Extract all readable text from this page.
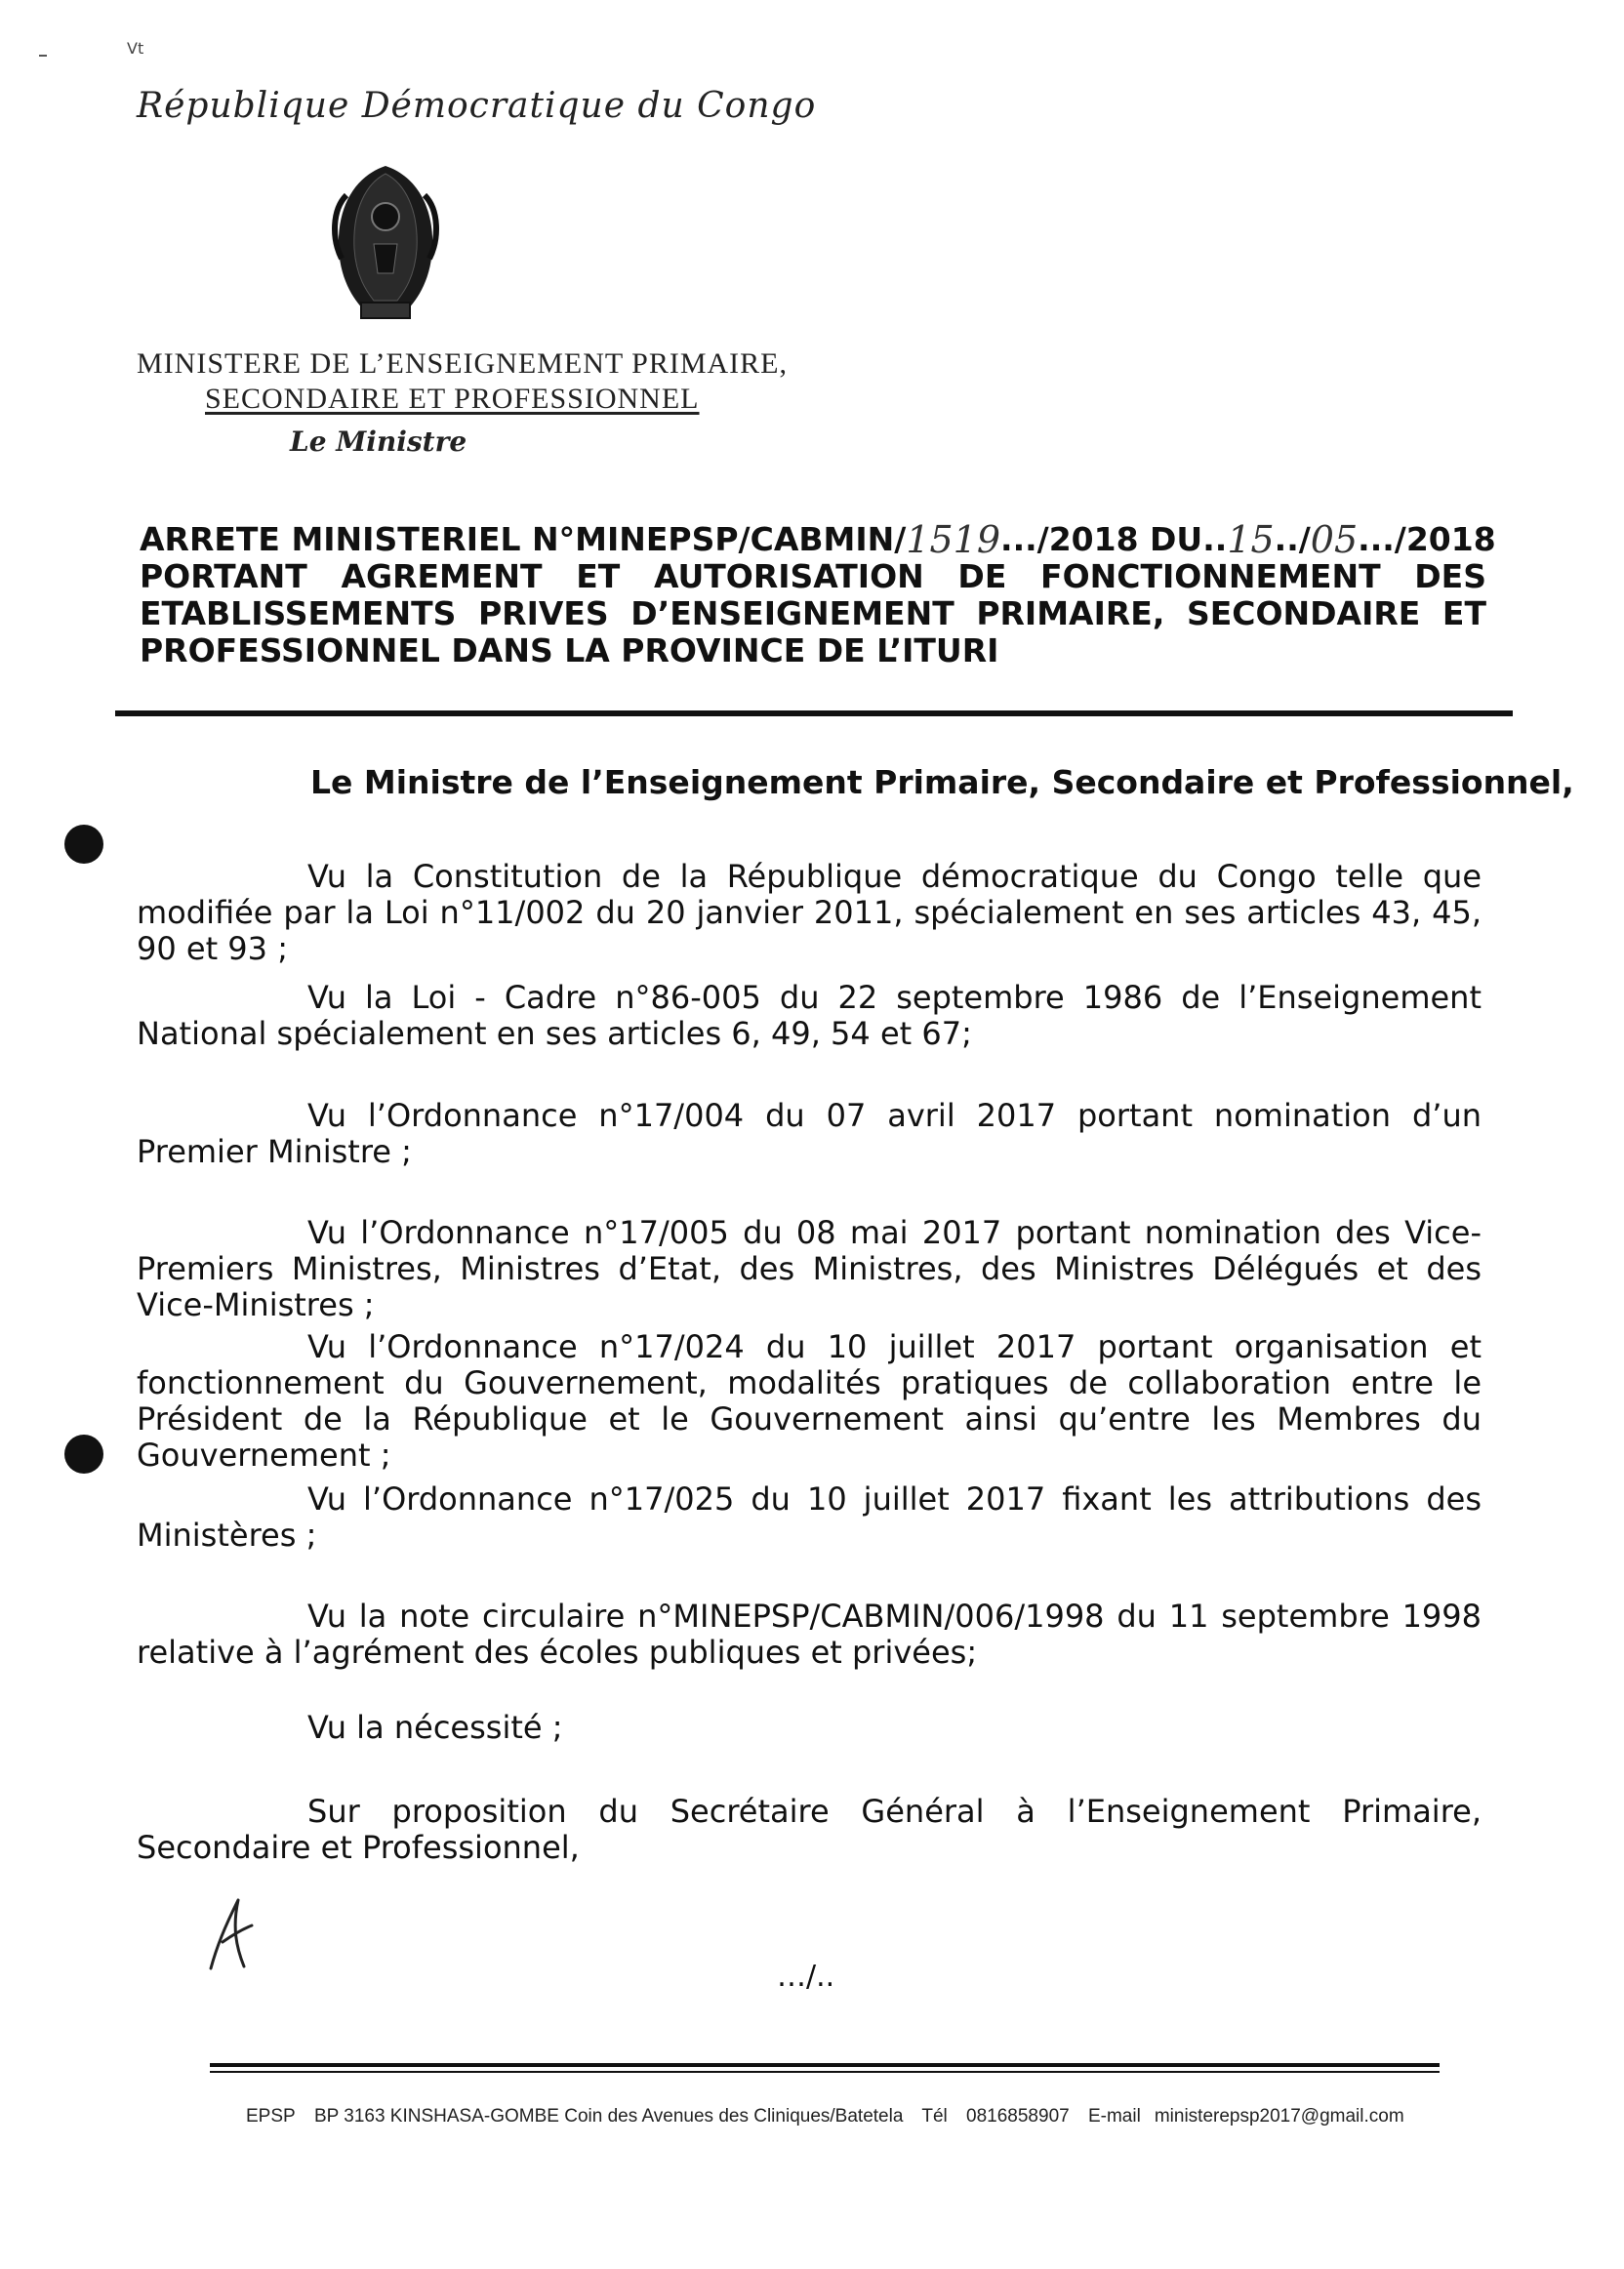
Vt
République Démocratique du Congo
MINISTERE DE L’ENSEIGNEMENT PRIMAIRE,
SECONDAIRE ET PROFESSIONNEL
Le Ministre
ARRETE MINISTERIEL N°MINEPSP/CABMIN/ 1519 .../2018 DU.. 15 ../ 05 .../2018
PORTANT AGREMENT ET AUTORISATION DE FONCTIONNEMENT DES
ETABLISSEMENTS PRIVES D’ENSEIGNEMENT PRIMAIRE, SECONDAIRE ET
PROFESSIONNEL DANS LA PROVINCE DE L’ITURI
Le Ministre de l’Enseignement Primaire, Secondaire et Professionnel,
Vu la Constitution de la République démocratique du Congo telle que modifiée par la Loi n°11/002 du 20 janvier 2011, spécialement en ses articles 43, 45, 90 et 93 ;
Vu la Loi - Cadre n°86-005 du 22 septembre 1986 de l’Enseignement National spécialement en ses articles 6, 49, 54 et 67;
Vu l’Ordonnance n°17/004 du 07 avril 2017 portant nomination d’un Premier Ministre ;
Vu l’Ordonnance n°17/005 du 08 mai 2017 portant nomination des Vice-Premiers Ministres, Ministres d’Etat, des Ministres, des Ministres Délégués et des Vice-Ministres ;
Vu l’Ordonnance n°17/024 du 10 juillet 2017 portant organisation et fonctionnement du Gouvernement, modalités pratiques de collaboration entre le Président de la République et le Gouvernement ainsi qu’entre les Membres du Gouvernement ;
Vu l’Ordonnance n°17/025 du 10 juillet 2017 fixant les attributions des Ministères ;
Vu la note circulaire n°MINEPSP/CABMIN/006/1998 du 11 septembre 1998 relative à l’agrément des écoles publiques et privées;
Vu la nécessité ;
Sur proposition du Secrétaire Général à l’Enseignement Primaire, Secondaire et Professionnel,
…/..
EPSP BP 3163 KINSHASA-GOMBE Coin des Avenues des Cliniques/Batetela Tél 0816858907 E-mail ministerepsp2017@gmail.com
